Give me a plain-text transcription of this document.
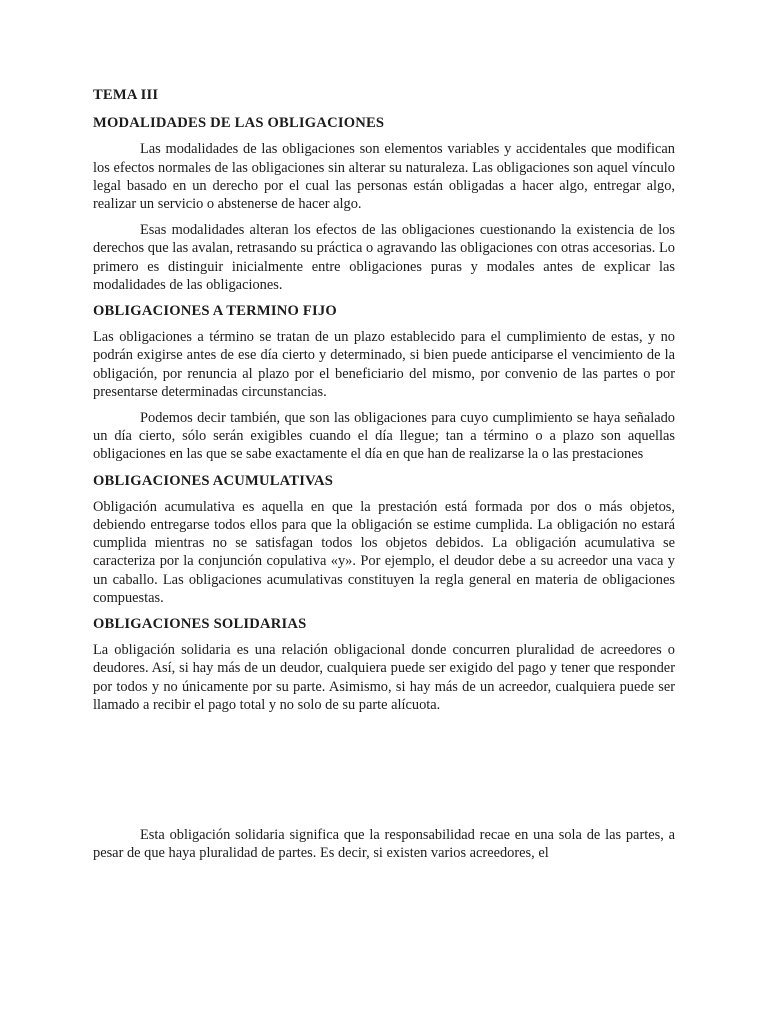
TEMA III
MODALIDADES DE LAS OBLIGACIONES

Las modalidades de las obligaciones son elementos variables y accidentales que modifican los efectos normales de las obligaciones sin alterar su naturaleza. Las obligaciones son aquel vínculo legal basado en un derecho por el cual las personas están obligadas a hacer algo, entregar algo, realizar un servicio o abstenerse de hacer algo.

Esas modalidades alteran los efectos de las obligaciones cuestionando la existencia de los derechos que las avalan, retrasando su práctica o agravando las obligaciones con otras accesorias. Lo primero es distinguir inicialmente entre obligaciones puras y modales antes de explicar las modalidades de las obligaciones.

OBLIGACIONES A TERMINO FIJO

Las obligaciones a término se tratan de un plazo establecido para el cumplimiento de estas, y no podrán exigirse antes de ese día cierto y determinado, si bien puede anticiparse el vencimiento de la obligación, por renuncia al plazo por el beneficiario del mismo, por convenio de las partes o por presentarse determinadas circunstancias.

Podemos decir también, que son las obligaciones para cuyo cumplimiento se haya señalado un día cierto, sólo serán exigibles cuando el día llegue; tan a término o a plazo son aquellas obligaciones en las que se sabe exactamente el día en que han de realizarse la o las prestaciones

OBLIGACIONES ACUMULATIVAS

Obligación acumulativa es aquella en que la prestación está formada por dos o más objetos, debiendo entregarse todos ellos para que la obligación se estime cumplida. La obligación no estará cumplida mientras no se satisfagan todos los objetos debidos. La obligación acumulativa se caracteriza por la conjunción copulativa «y». Por ejemplo, el deudor debe a su acreedor una vaca y un caballo. Las obligaciones acumulativas constituyen la regla general en materia de obligaciones compuestas.

OBLIGACIONES SOLIDARIAS

La obligación solidaria es una relación obligacional donde concurren pluralidad de acreedores o deudores. Así, si hay más de un deudor, cualquiera puede ser exigido del pago y tener que responder por todos y no únicamente por su parte. Asimismo, si hay más de un acreedor, cualquiera puede ser llamado a recibir el pago total y no solo de su parte alícuota.

Esta obligación solidaria significa que la responsabilidad recae en una sola de las partes, a pesar de que haya pluralidad de partes. Es decir, si existen varios acreedores, el
